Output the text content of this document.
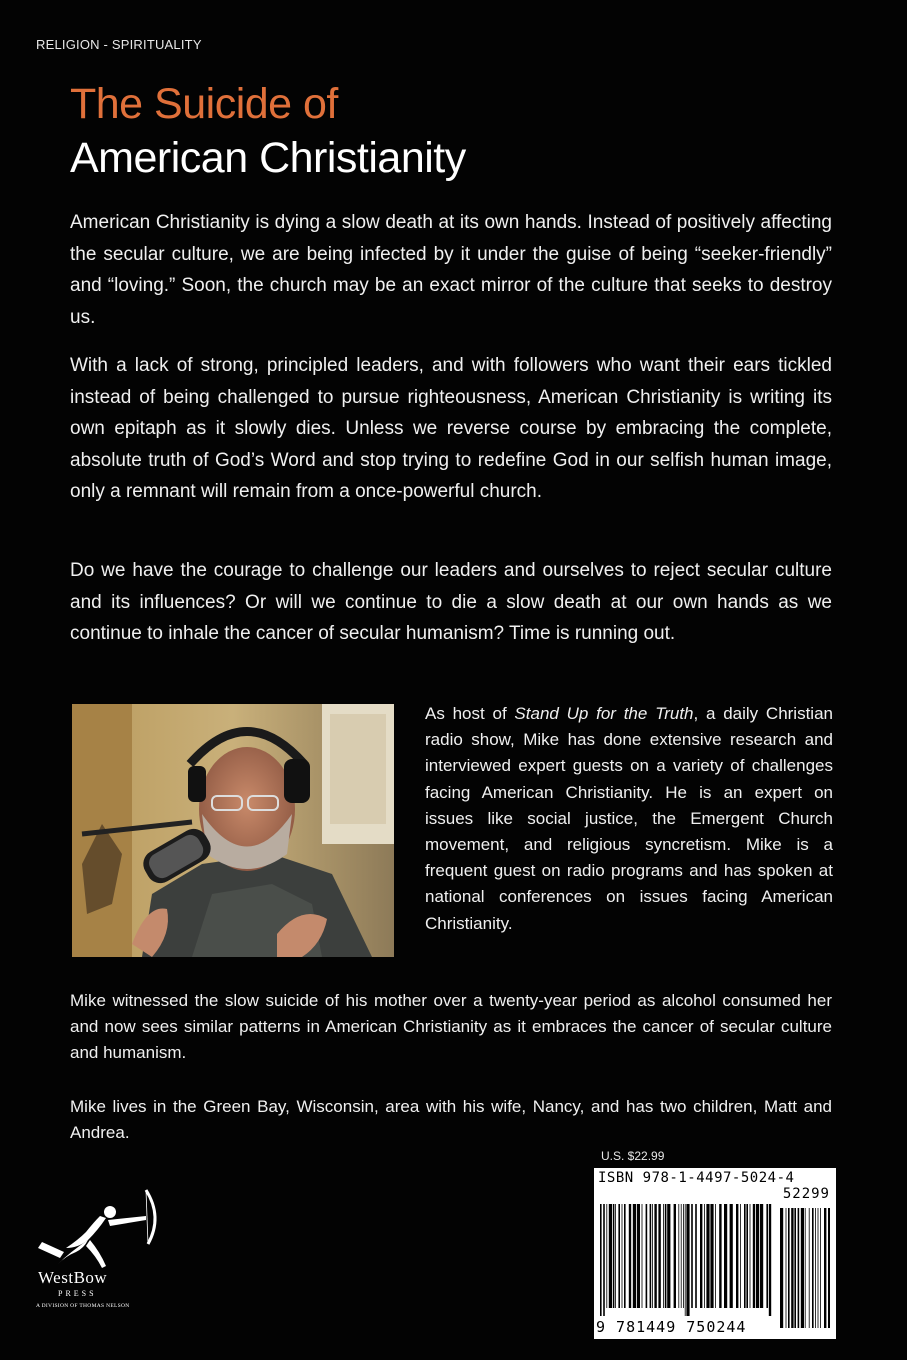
RELIGION - SPIRITUALITY
The Suicide of
American Christianity

American Christianity is dying a slow death at its own hands. Instead of positively affecting the secular culture, we are being infected by it under the guise of being “seeker-friendly” and “loving.” Soon, the church may be an exact mirror of the culture that seeks to destroy us.

With a lack of strong, principled leaders, and with followers who want their ears tickled instead of being challenged to pursue righteousness, American Christianity is writing its own epitaph as it slowly dies. Unless we reverse course by embracing the complete, absolute truth of God’s Word and stop trying to redefine God in our selfish human image, only a remnant will remain from a once-powerful church.

Do we have the courage to challenge our leaders and ourselves to reject secular culture and its influences? Or will we continue to die a slow death at our own hands as we continue to inhale the cancer of secular humanism? Time is running out.

As host of Stand Up for the Truth, a daily Christian radio show, Mike has done extensive research and interviewed expert guests on a variety of challenges facing American Christianity. He is an expert on issues like social justice, the Emergent Church movement, and religious syncretism. Mike is a frequent guest on radio programs and has spoken at national conferences on issues facing American Christianity.

Mike witnessed the slow suicide of his mother over a twenty-year period as alcohol consumed her and now sees similar patterns in American Christianity as it embraces the cancer of secular culture and humanism.

Mike lives in the Green Bay, Wisconsin, area with his wife, Nancy, and has two children, Matt and Andrea.

U.S. $22.99
ISBN 978-1-4497-5024-4
52299
9 781449 750244
WestBow
PRESS
A DIVISION OF THOMAS NELSON
